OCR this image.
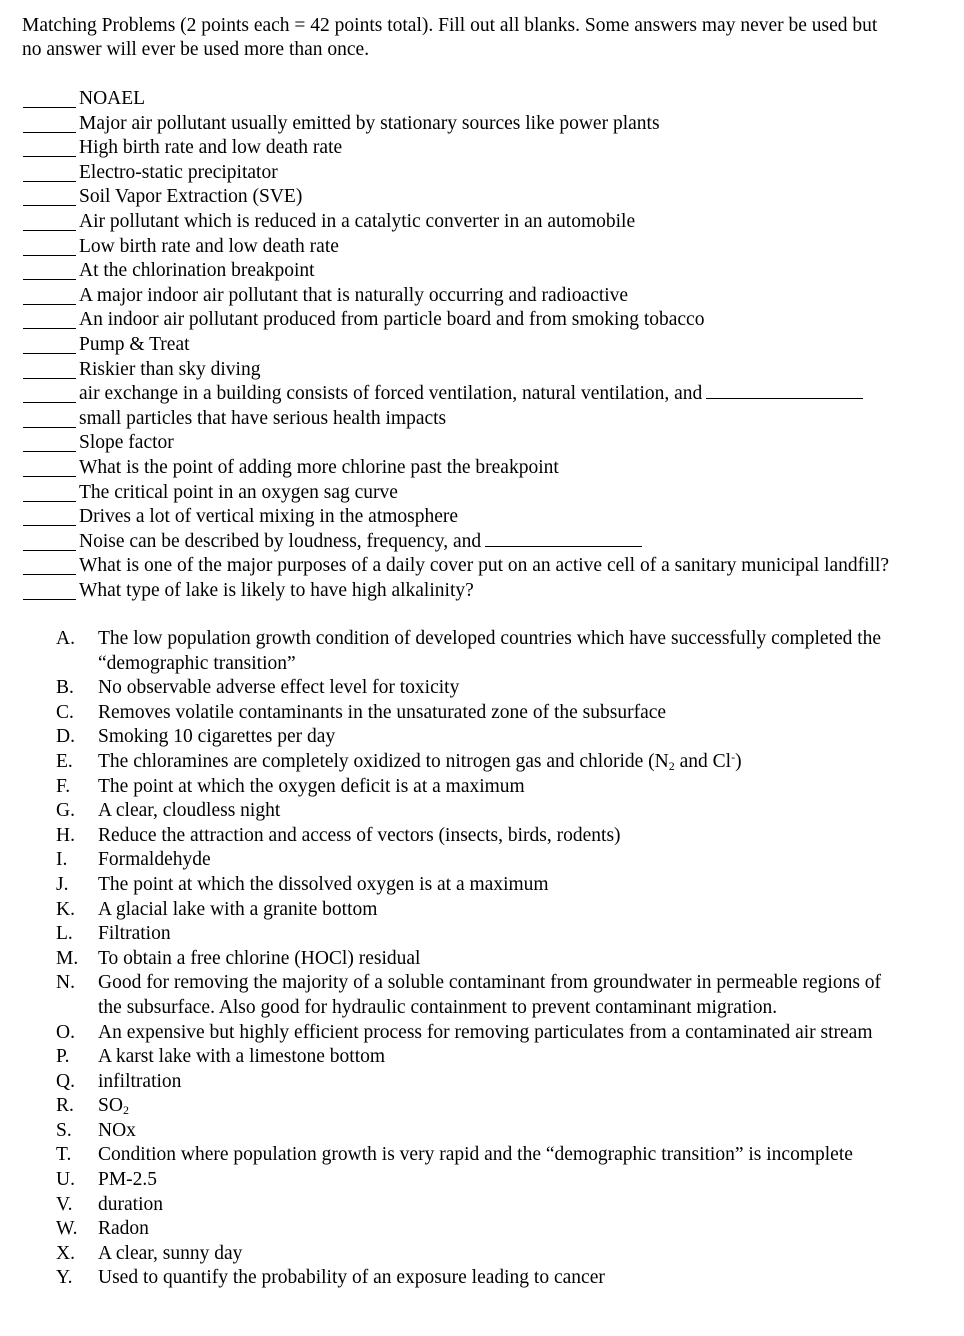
Matching Problems (2 points each = 42 points total). Fill out all blanks. Some answers may never be used but
no answer will ever be used more than once.
NOAEL
Major air pollutant usually emitted by stationary sources like power plants
High birth rate and low death rate
Electro-static precipitator
Soil Vapor Extraction (SVE)
Air pollutant which is reduced in a catalytic converter in an automobile
Low birth rate and low death rate
At the chlorination breakpoint
A major indoor air pollutant that is naturally occurring and radioactive
An indoor air pollutant produced from particle board and from smoking tobacco
Pump & Treat
Riskier than sky diving
air exchange in a building consists of forced ventilation, natural ventilation, and
small particles that have serious health impacts
Slope factor
What is the point of adding more chlorine past the breakpoint
The critical point in an oxygen sag curve
Drives a lot of vertical mixing in the atmosphere
Noise can be described by loudness, frequency, and
What is one of the major purposes of a daily cover put on an active cell of a sanitary municipal landfill?
What type of lake is likely to have high alkalinity?
A.	The low population growth condition of developed countries which have successfully completed the
“demographic transition”
B.	No observable adverse effect level for toxicity
C.	Removes volatile contaminants in the unsaturated zone of the subsurface
D.	Smoking 10 cigarettes per day
E.	The chloramines are completely oxidized to nitrogen gas and chloride ($N_2$ and Cl-)
F.	The point at which the oxygen deficit is at a maximum
G.	A clear, cloudless night
H.	Reduce the attraction and access of vectors (insects, birds, rodents)
I.	Formaldehyde
J.	The point at which the dissolved oxygen is at a maximum
K.	A glacial lake with a granite bottom
L.	Filtration
M.	To obtain a free chlorine (HOCl) residual
N.	Good for removing the majority of a soluble contaminant from groundwater in permeable regions of
the subsurface. Also good for hydraulic containment to prevent contaminant migration.
O.	An expensive but highly efficient process for removing particulates from a contaminated air stream
P.	A karst lake with a limestone bottom
Q.	infiltration
R.	$SO_2$
S.	NOx
T.	Condition where population growth is very rapid and the “demographic transition” is incomplete
U.	PM-2.5
V.	duration
W.	Radon
X.	A clear, sunny day
Y.	Used to quantify the probability of an exposure leading to cancer
